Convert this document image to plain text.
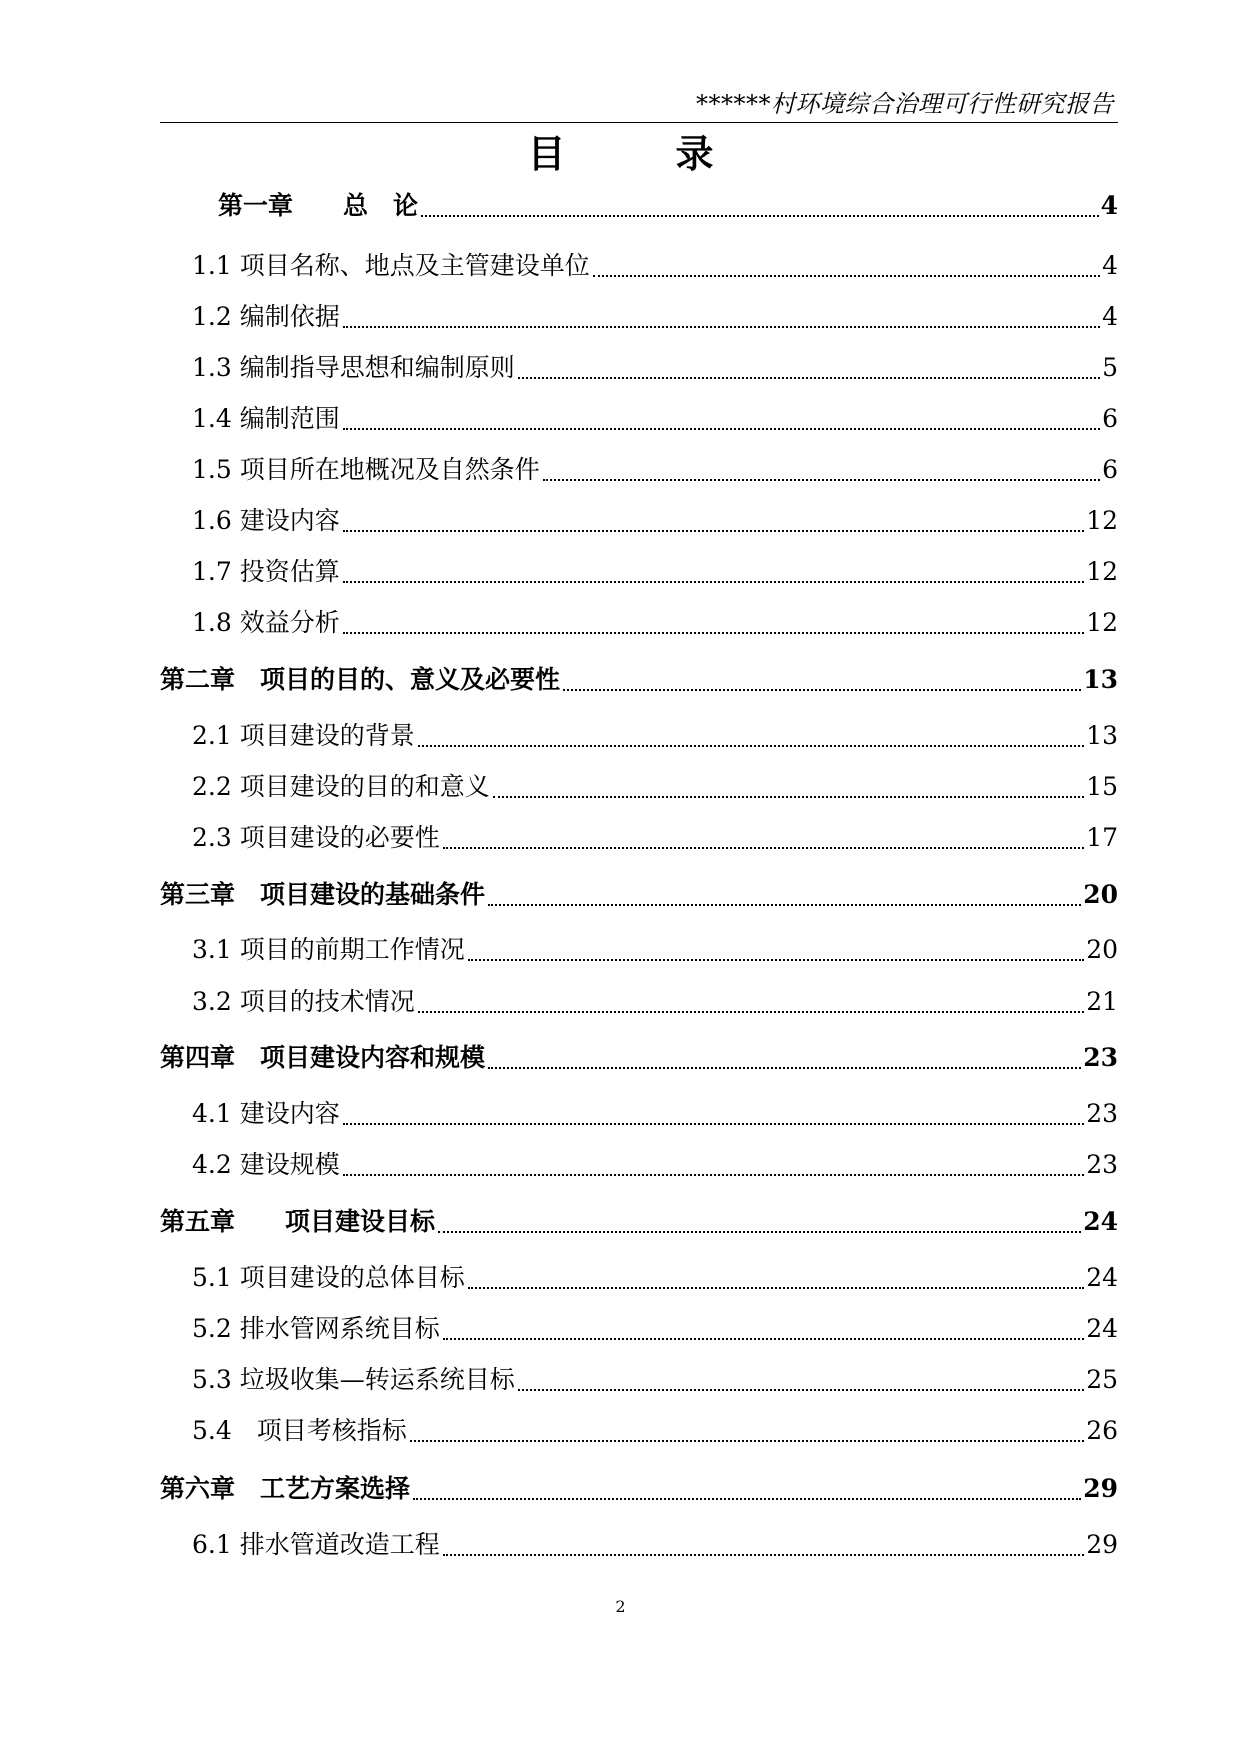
******村环境综合治理可行性研究报告
目　录
第一章　　总　论	4
1.1 项目名称、地点及主管建设单位	4
1.2 编制依据	4
1.3 编制指导思想和编制原则	5
1.4 编制范围	6
1.5 项目所在地概况及自然条件	6
1.6 建设内容	12
1.7 投资估算	12
1.8 效益分析	12
第二章　项目的目的、意义及必要性	13
2.1 项目建设的背景	13
2.2 项目建设的目的和意义	15
2.3 项目建设的必要性	17
第三章　项目建设的基础条件	20
3.1 项目的前期工作情况	20
3.2 项目的技术情况	21
第四章　项目建设内容和规模	23
4.1 建设内容	23
4.2 建设规模	23
第五章　　项目建设目标	24
5.1 项目建设的总体目标	24
5.2 排水管网系统目标	24
5.3 垃圾收集—转运系统目标	25
5.4　项目考核指标	26
第六章　工艺方案选择	29
6.1 排水管道改造工程	29
2
